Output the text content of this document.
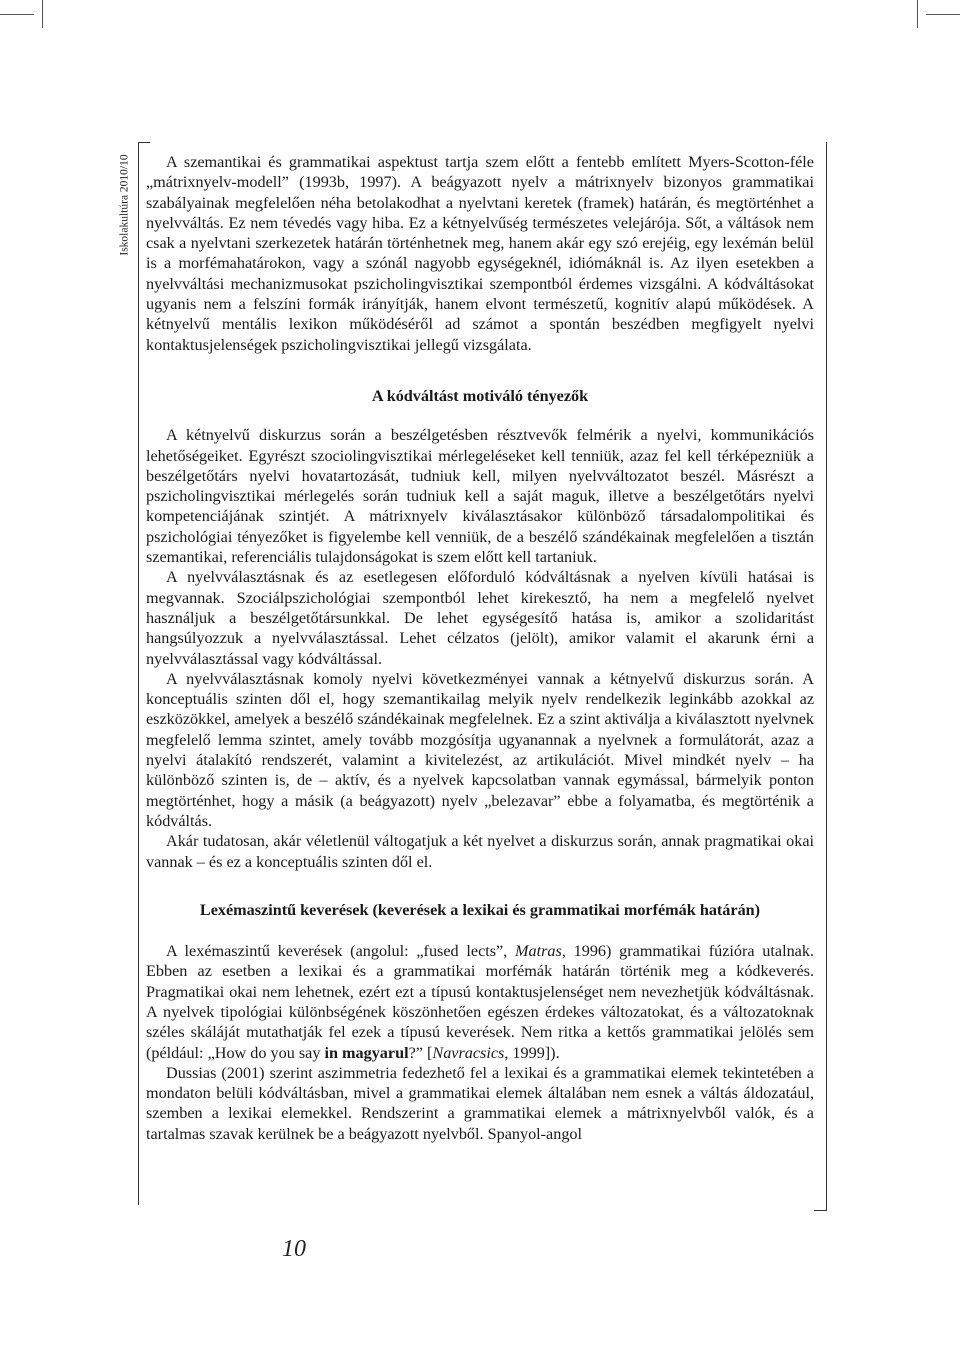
Iskolakultúra 2010/10	A szemantikai és grammatikai aspektust tartja szem előtt a fentebb említett Myers-Scotton-féle „mátrixnyelv-modell” (1993b, 1997). A beágyazott nyelv a mátrixnyelv bizonyos grammatikai szabályainak megfelelően néha betolakodhat a nyelvtani keretek (framek) határán, és megtörténhet a nyelvváltás. Ez nem tévedés vagy hiba. Ez a kétnyelvűség természetes velejárója. Sőt, a váltások nem csak a nyelvtani szerkezetek határán történhetnek meg, hanem akár egy szó erejéig, egy lexémán belül is a morfémahatárokon, vagy a szónál nagyobb egységeknél, idiómáknál is. Az ilyen esetekben a nyelvváltási mechanizmusokat pszicholingvisztikai szempontból érdemes vizsgálni. A kódváltásokat ugyanis nem a felszíni formák irányítják, hanem elvont természetű, kognitív alapú működések. A kétnyelvű mentális lexikon működéséről ad számot a spontán beszédben megfigyelt nyelvi kontaktusjelenségek pszicholingvisztikai jellegű vizsgálata.

A kódváltást motiváló tényezők

A kétnyelvű diskurzus során a beszélgetésben résztvevők felmérik a nyelvi, kommunikációs lehetőségeiket. Egyrészt szociolingvisztikai mérlegeléseket kell tenniük, azaz fel kell térképezniük a beszélgetőtárs nyelvi hovatartozását, tudniuk kell, milyen nyelvváltozatot beszél. Másrészt a pszicholingvisztikai mérlegelés során tudniuk kell a saját maguk, illetve a beszélgetőtárs nyelvi kompetenciájának szintjét. A mátrixnyelv kiválasztásakor különböző társadalompolitikai és pszichológiai tényezőket is figyelembe kell venniük, de a beszélő szándékainak megfelelően a tisztán szemantikai, referenciális tulajdonságokat is szem előtt kell tartaniuk.

A nyelvválasztásnak és az esetlegesen előforduló kódváltásnak a nyelven kívüli hatásai is megvannak. Szociálpszichológiai szempontból lehet kirekesztő, ha nem a megfelelő nyelvet használjuk a beszélgetőtársunkkal. De lehet egységesítő hatása is, amikor a szolidaritást hangsúlyozzuk a nyelvválasztással. Lehet célzatos (jelölt), amikor valamit el akarunk érni a nyelvválasztással vagy kódváltással.

A nyelvválasztásnak komoly nyelvi következményei vannak a kétnyelvű diskurzus során. A konceptuális szinten dől el, hogy szemantikailag melyik nyelv rendelkezik leginkább azokkal az eszközökkel, amelyek a beszélő szándékainak megfelelnek. Ez a szint aktiválja a kiválasztott nyelvnek megfelelő lemma szintet, amely tovább mozgósítja ugyanannak a nyelvnek a formulátorát, azaz a nyelvi átalakító rendszerét, valamint a kivitelezést, az artikulációt. Mivel mindkét nyelv – ha különböző szinten is, de – aktív, és a nyelvek kapcsolatban vannak egymással, bármelyik ponton megtörténhet, hogy a másik (a beágyazott) nyelv „belezavar” ebbe a folyamatba, és megtörténik a kódváltás.

Akár tudatosan, akár véletlenül váltogatjuk a két nyelvet a diskurzus során, annak pragmatikai okai vannak – és ez a konceptuális szinten dől el.

Lexémaszintű keverések (keverések a lexikai és grammatikai morfémák határán)

A lexémaszintű keverések (angolul: „fused lects”, Matras, 1996) grammatikai fúzióra utalnak. Ebben az esetben a lexikai és a grammatikai morfémák határán történik meg a kódkeverés. Pragmatikai okai nem lehetnek, ezért ezt a típusú kontaktusjelenséget nem nevezhetjük kódváltásnak. A nyelvek tipológiai különbségének köszönhetően egészen érdekes változatokat, és a változatoknak széles skáláját mutathatják fel ezek a típusú keverések. Nem ritka a kettős grammatikai jelölés sem (például: „How do you say in magyarul?” [Navracsics, 1999]).

Dussias (2001) szerint aszimmetria fedezhető fel a lexikai és a grammatikai elemek tekintetében a mondaton belüli kódváltásban, mivel a grammatikai elemek általában nem esnek a váltás áldozatául, szemben a lexikai elemekkel. Rendszerint a grammatikai elemek a mátrixnyelvből valók, és a tartalmas szavak kerülnek be a beágyazott nyelvből. Spanyol-angol

10
